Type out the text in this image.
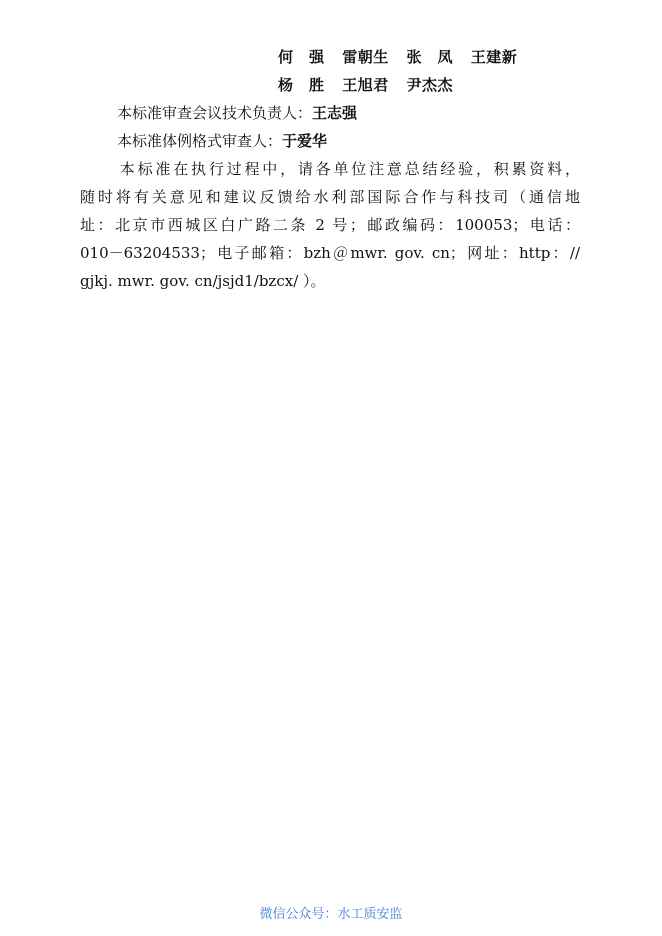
何　强 雷朝生 张　凤 王建新
杨　胜 王旭君 尹杰杰
本标准审查会议技术负责人：王志强
本标准体例格式审查人：于爱华
本标准在执行过程中，请各单位注意总结经验，积累资料，
随时将有关意见和建议反馈给水利部国际合作与科技司（通信地
址：北京市西城区白广路二条 2 号；邮政编码：100053；电话：
010－63204533；电子邮箱：bzh＠mwr. gov. cn；网址：http：//
gjkj. mwr. gov. cn/jsjd1/bzcx/ ）。
微信公众号：水工质安监
